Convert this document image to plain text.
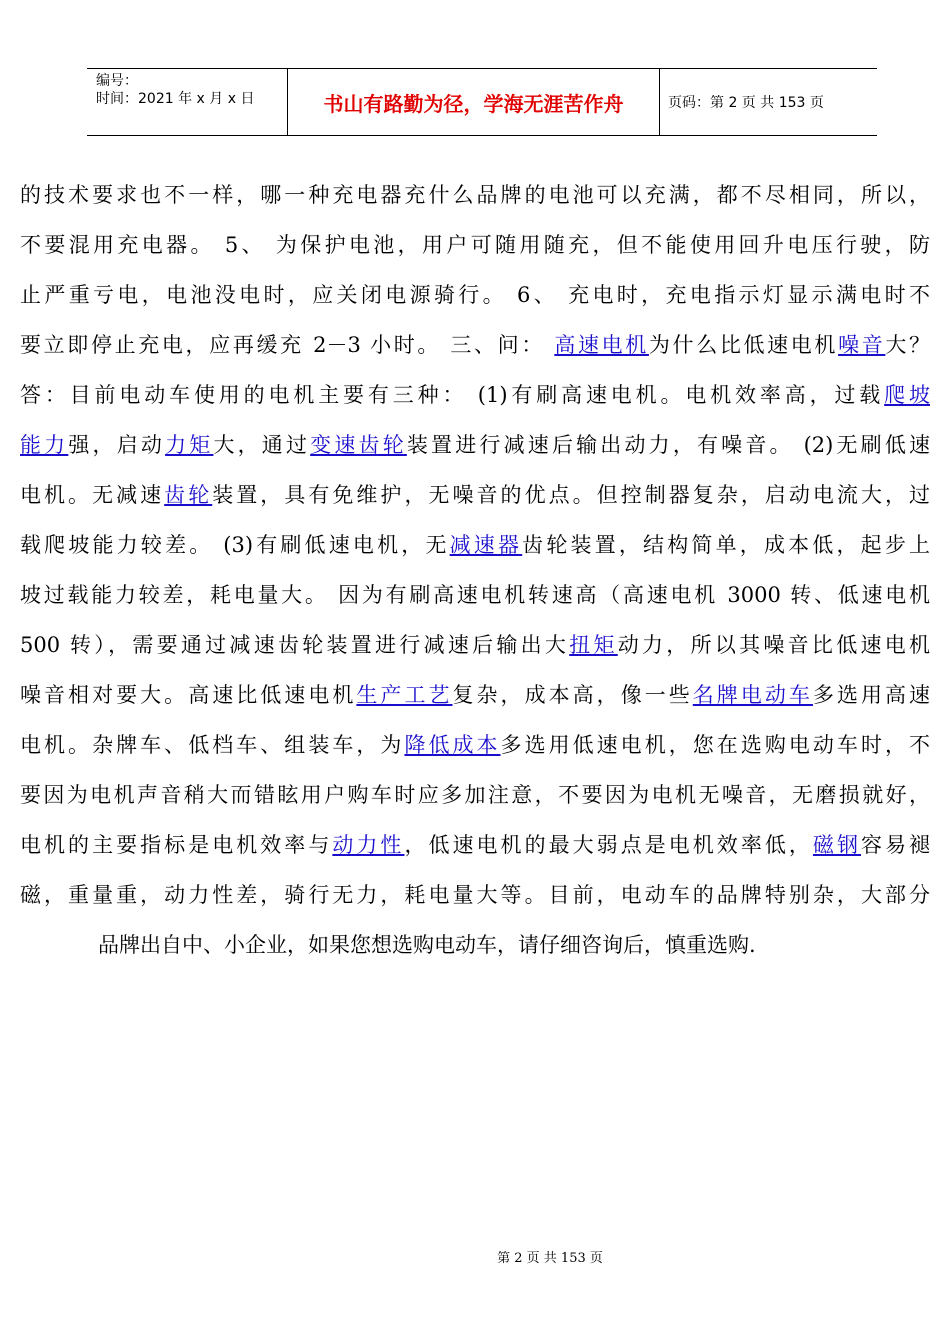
编号：
时间：2021 年 x 月 x 日	书山有路勤为径，学海无涯苦作舟	页码：第 2 页 共 153 页
的技术要求也不一样，哪一种充电器充什么品牌的电池可以充满，都不尽相同，所以，
不要混用充电器。 5、 为保护电池，用户可随用随充，但不能使用回升电压行驶，防
止严重亏电，电池没电时，应关闭电源骑行。 6、 充电时，充电指示灯显示满电时不
要立即停止充电，应再缓充 2－3 小时。 三、问： 高速电机为什么比低速电机噪音大？
答：目前电动车使用的电机主要有三种： (1)有刷高速电机。电机效率高，过载爬坡
能力强，启动力矩大，通过变速齿轮装置进行减速后输出动力，有噪音。 (2)无刷低速
电机。无减速齿轮装置，具有免维护，无噪音的优点。但控制器复杂，启动电流大，过
载爬坡能力较差。 (3)有刷低速电机，无减速器齿轮装置，结构简单，成本低，起步上
坡过载能力较差，耗电量大。 因为有刷高速电机转速高（高速电机 3000 转、低速电机
500 转），需要通过减速齿轮装置进行减速后输出大扭矩动力，所以其噪音比低速电机
噪音相对要大。高速比低速电机生产工艺复杂，成本高，像一些名牌电动车多选用高速
电机。杂牌车、低档车、组装车，为降低成本多选用低速电机，您在选购电动车时，不
要因为电机声音稍大而错眩用户购车时应多加注意，不要因为电机无噪音，无磨损就好，
电机的主要指标是电机效率与动力性，低速电机的最大弱点是电机效率低，磁钢容易褪
磁，重量重，动力性差，骑行无力，耗电量大等。目前，电动车的品牌特别杂，大部分
品牌出自中、小企业，如果您想选购电动车，请仔细咨询后，慎重选购.
第 2 页 共 153 页
